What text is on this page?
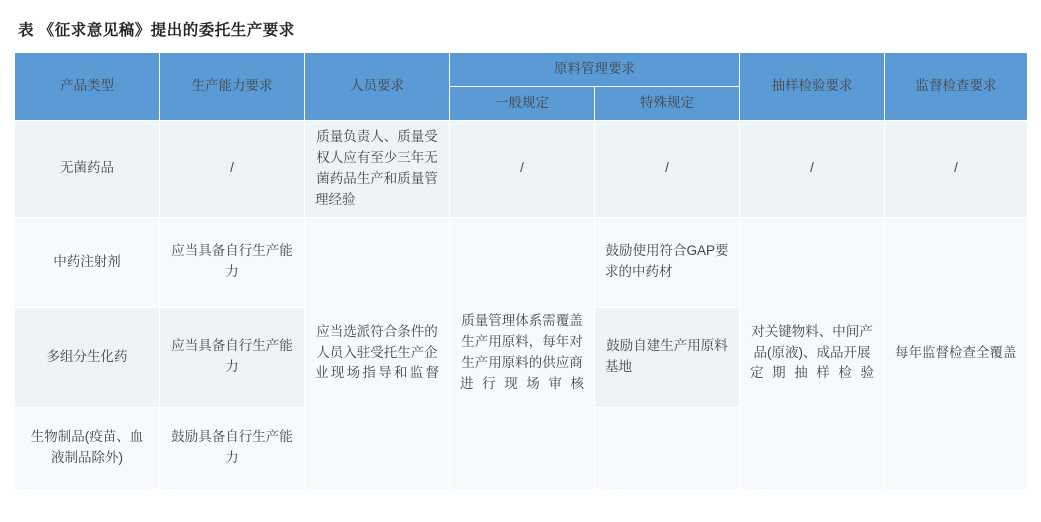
表 《征求意见稿》提出的委托生产要求
产品类型	生产能力要求	人员要求	原料管理要求		抽样检验要求	监督检查要求
			一般规定	特殊规定		
无菌药品	/	质量负责人、质量受权人应有至少三年无菌药品生产和质量管理经验	/	/	/	/
中药注射剂	应当具备自行生产能力	应当选派符合条件的人员入驻受托生产企业现场指导和监督	质量管理体系需覆盖生产用原料，每年对生产用原料的供应商进行现场审核	鼓励使用符合GAP要求的中药材	对关键物料、中间产品(原液)、成品开展定期抽样检验	每年监督检查全覆盖
多组分生化药	应当具备自行生产能力			鼓励自建生产用原料基地		
生物制品(疫苗、血液制品除外)	鼓励具备自行生产能力					
